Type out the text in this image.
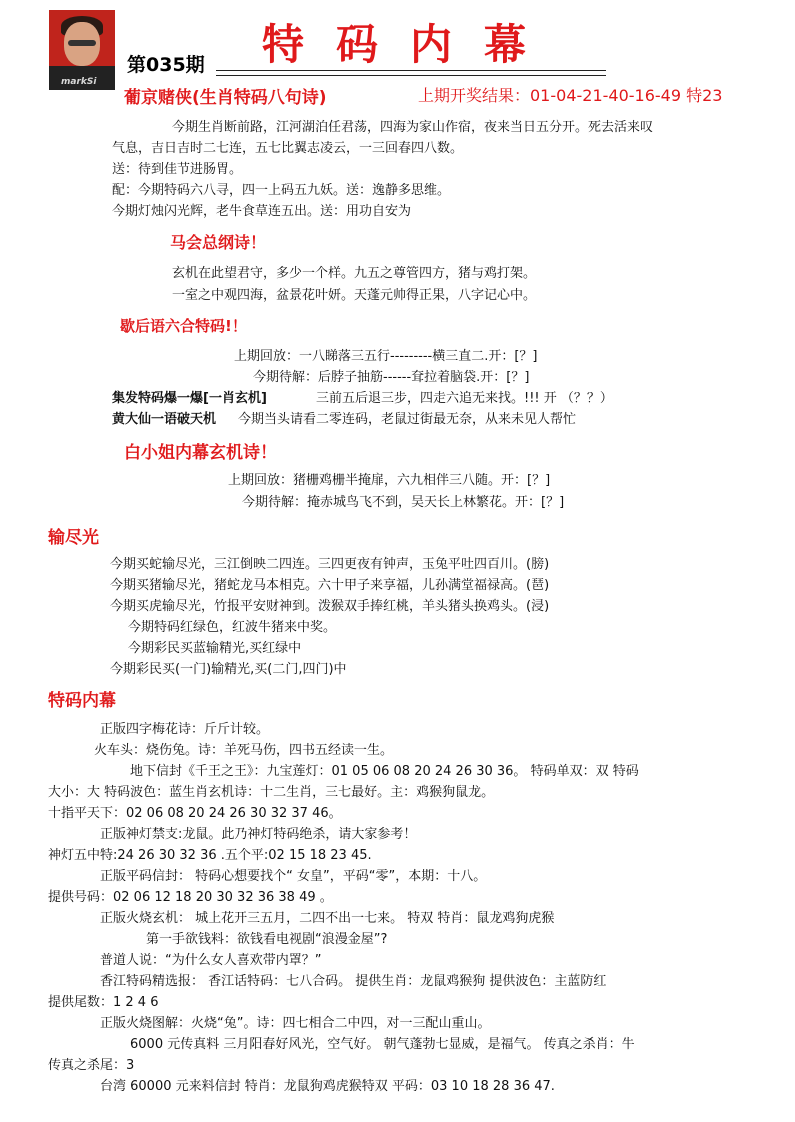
markSi
第035期 特码内幕
葡京赌侠(生肖特码八句诗)	上期开奖结果：01-04-21-40-16-49 特23
今期生肖断前路，江河湖泊任君荡，四海为家山作宿，夜来当日五分开。死去活来叹
气息，吉日吉时二七连，五七比翼志凌云，一三回春四八数。
送：待到佳节进肠胃。
配：今期特码六八寻，四一上码五九妖。送：逸静多思维。
今期灯烛闪光辉，老牛食草连五出。送：用功自安为
马会总纲诗！
玄机在此望君守，多少一个样。九五之尊管四方，猪与鸡打架。
一室之中观四海，盆景花叶妍。天蓬元帅得正果，八字记心中。
歇后语六合特码!！
上期回放：一八睇落三五行---------横三直二.开：[？]
今期待解：后脖子抽筋------耷拉着脑袋.开：[？]
集发特码爆一爆[一肖玄机]	三前五后退三步，四走六追无来找。!!! 开 （？？）
黄大仙一语破天机 今期当头请看二零连码，老鼠过街最无奈，从来未见人帮忙
白小姐内幕玄机诗！
上期回放：猪栅鸡栅半掩扉，六九相伴三八随。开：[？]
今期待解：掩赤城鸟飞不到，吴天长上林繁花。开：[？]
输尽光
今期买蛇输尽光，三江倒映二四连。三四更夜有钟声，玉兔平吐四百川。(膀)
今期买猪输尽光，猪蛇龙马本相克。六十甲子来享福，儿孙满堂福禄高。(琶)
今期买虎输尽光，竹报平安财神到。泼猴双手捧红桃，羊头猪头换鸡头。(浸)
今期特码红绿色，红波牛猪来中奖。
今期彩民买蓝输精光,买红绿中
今期彩民买(一门)输精光,买(二门,四门)中
特码内幕
正版四字梅花诗：斤斤计较。
火车头：烧伤兔。诗：羊死马伤，四书五经读一生。
地下信封《千王之王》：九宝莲灯：01 05 06 08 20 24 26 30 36。 特码单双：双 特码
大小：大 特码波色：蓝生肖玄机诗：十二生肖，三七最好。主：鸡猴狗鼠龙。
十指平天下：02 06 08 20 24 26 30 32 37 46。
正版神灯禁支:龙鼠。此乃神灯特码绝杀，请大家参考！
神灯五中特:24 26 30 32 36 .五个平:02 15 18 23 45.
正版平码信封： 特码心想要找个“ 女皇”，平码“零”，本期：十八。
提供号码：02 06 12 18 20 30 32 36 38 49 。
正版火烧玄机： 城上花开三五月，二四不出一七来。 特双 特肖：鼠龙鸡狗虎猴
第一手欲钱料：欲钱看电视剧“浪漫金屋”?
普道人说：“为什么女人喜欢带内罩？”
香江特码精选报： 香江话特码：七八合码。 提供生肖：龙鼠鸡猴狗 提供波色：主蓝防红
提供尾数：1 2 4 6
正版火烧图解：火烧“兔”。诗：四七相合二中四，对一三配山重山。
6000 元传真料 三月阳春好风光，空气好。 朝气蓬勃七显威，是福气。 传真之杀肖：牛
传真之杀尾：3
台湾 60000 元来料信封 特肖：龙鼠狗鸡虎猴特双 平码：03 10 18 28 36 47.
